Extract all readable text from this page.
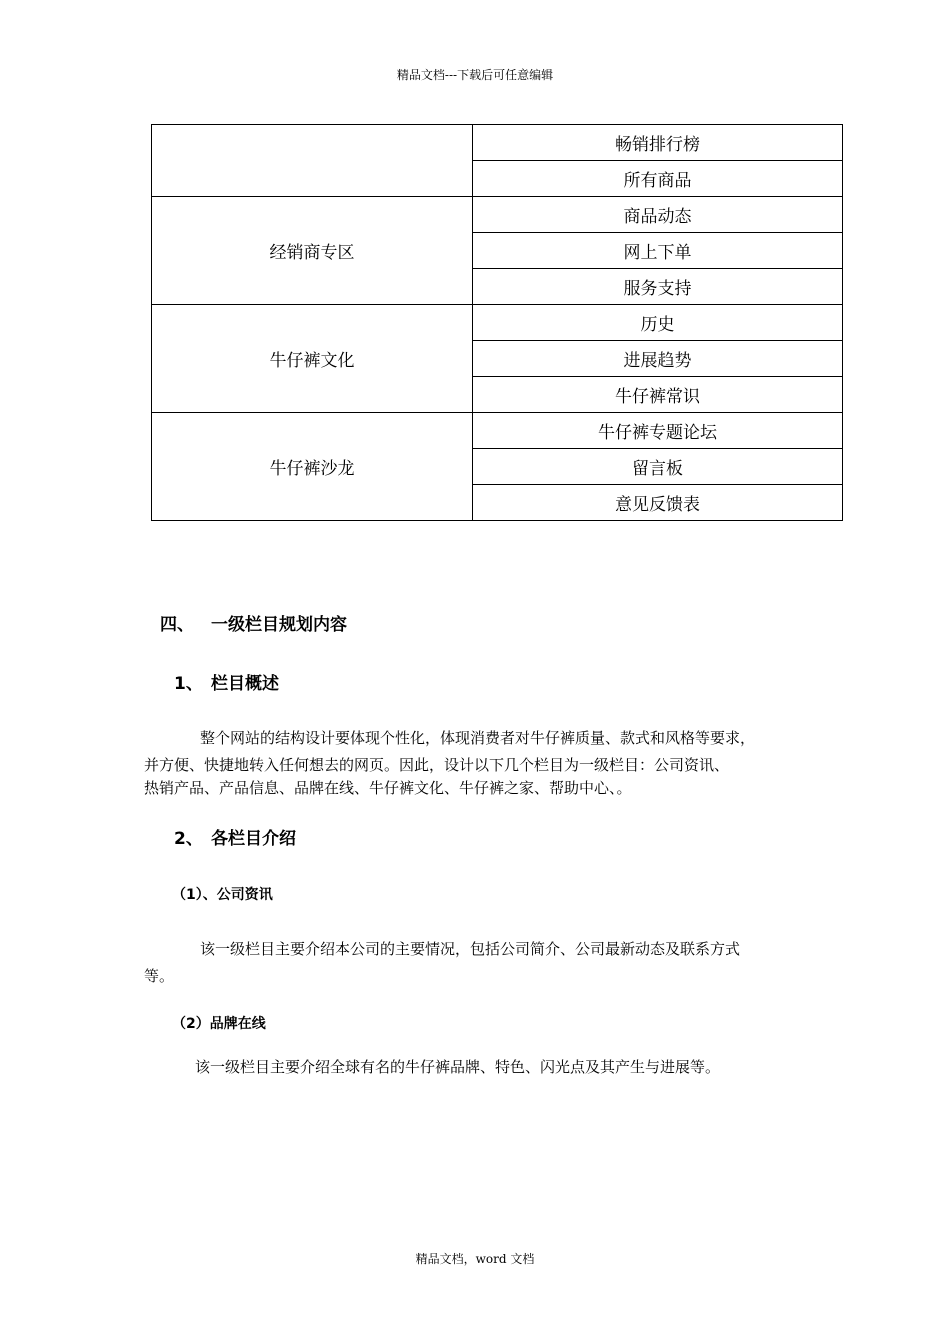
精品文档---下载后可任意编辑
	畅销排行榜
	所有商品
经销商专区	商品动态
	网上下单
	服务支持
牛仔裤文化	历史
	进展趋势
	牛仔裤常识
牛仔裤沙龙	牛仔裤专题论坛
	留言板
	意见反馈表
四、 一级栏目规划内容
1、 栏目概述
整个网站的结构设计要体现个性化，体现消费者对牛仔裤质量、款式和风格等要求，
并方便、快捷地转入任何想去的网页。因此，设计以下几个栏目为一级栏目：公司资讯、
热销产品、产品信息、品牌在线、牛仔裤文化、牛仔裤之家、帮助中心、。
2、 各栏目介绍
（1）、公司资讯
该一级栏目主要介绍本公司的主要情况，包括公司简介、公司最新动态及联系方式
等。
（2）品牌在线
该一级栏目主要介绍全球有名的牛仔裤品牌、特色、闪光点及其产生与进展等。
精品文档，word 文档
